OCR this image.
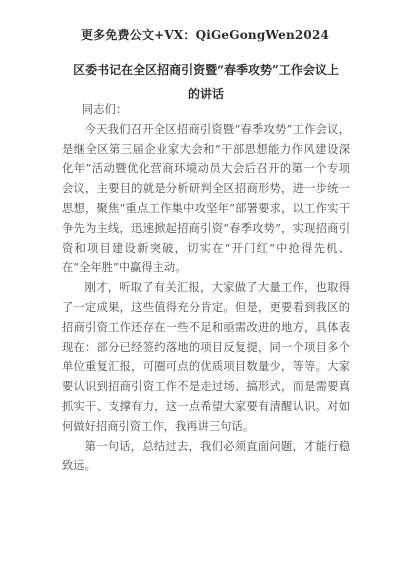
更多免费公文+VX：QiGeGongWen2024
区委书记在全区招商引资暨“春季攻势”工作会议上的讲话

同志们：

今天我们召开全区招商引资暨“春季攻势”工作会议，是继全区第三届企业家大会和“干部思想能力作风建设深化年”活动暨优化营商环境动员大会后召开的第一个专项会议，主要目的就是分析研判全区招商形势，进一步统一思想，聚焦“重点工作集中攻坚年”部署要求，以工作实干争先为主线，迅速掀起招商引资“春季攻势”，实现招商引资和项目建设新突破，切实在“开门红”中抢得先机、在“全年胜”中赢得主动。

刚才，听取了有关汇报，大家做了大量工作，也取得了一定成果，这些值得充分肯定。但是，更要看到我区的招商引资工作还存在一些不足和亟需改进的地方，具体表现在：部分已经签约落地的项目反复提，同一个项目多个单位重复汇报，可圈可点的优质项目数量少，等等。大家要认识到招商引资工作不是走过场、搞形式，而是需要真抓实干、支撑有力，这一点希望大家要有清醒认识。对如何做好招商引资工作，我再讲三句话。

第一句话，总结过去，我们必须直面问题，才能行稳致远。
